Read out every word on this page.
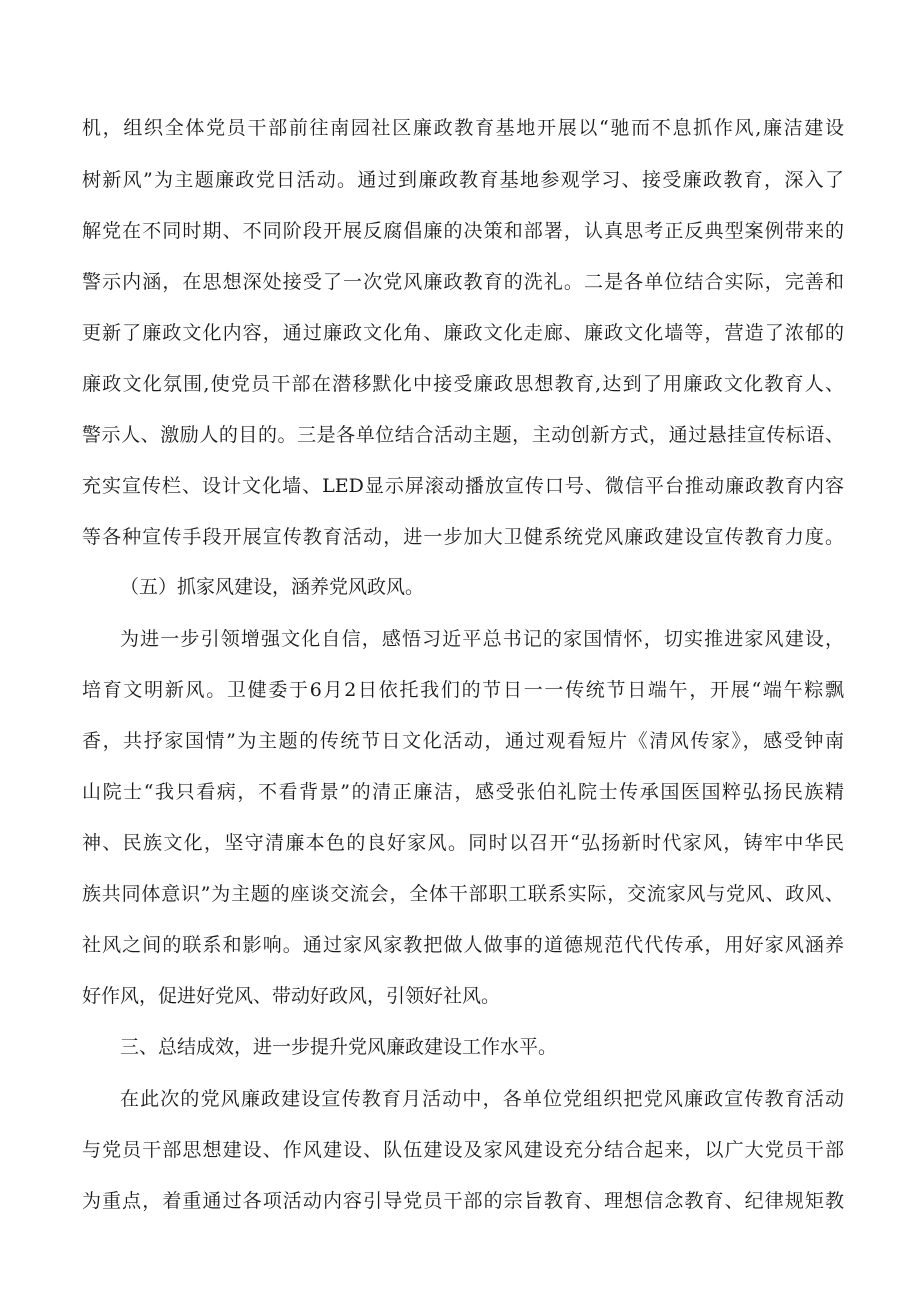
机，组织全体党员干部前往南园社区廉政教育基地开展以“驰而不息抓作风,廉洁建设
树新风”为主题廉政党日活动。通过到廉政教育基地参观学习、接受廉政教育，深入了
解党在不同时期、不同阶段开展反腐倡廉的决策和部署，认真思考正反典型案例带来的
警示内涵，在思想深处接受了一次党风廉政教育的洗礼。二是各单位结合实际，完善和
更新了廉政文化内容，通过廉政文化角、廉政文化走廊、廉政文化墙等，营造了浓郁的
廉政文化氛围,使党员干部在潜移默化中接受廉政思想教育,达到了用廉政文化教育人、
警示人、激励人的目的。三是各单位结合活动主题，主动创新方式，通过悬挂宣传标语、
充实宣传栏、设计文化墙、LED显示屏滚动播放宣传口号、微信平台推动廉政教育内容
等各种宣传手段开展宣传教育活动，进一步加大卫健系统党风廉政建设宣传教育力度。
（五）抓家风建设，涵养党风政风。
为进一步引领增强文化自信，感悟习近平总书记的家国情怀，切实推进家风建设，
培育文明新风。卫健委于6月2日依托我们的节日一一传统节日端午，开展“端午粽飘
香，共抒家国情”为主题的传统节日文化活动，通过观看短片《清风传家》，感受钟南
山院士“我只看病，不看背景”的清正廉洁，感受张伯礼院士传承国医国粹弘扬民族精
神、民族文化，坚守清廉本色的良好家风。同时以召开“弘扬新时代家风，铸牢中华民
族共同体意识”为主题的座谈交流会，全体干部职工联系实际，交流家风与党风、政风、
社风之间的联系和影响。通过家风家教把做人做事的道德规范代代传承，用好家风涵养
好作风，促进好党风、带动好政风，引领好社风。
三、总结成效，进一步提升党风廉政建设工作水平。
在此次的党风廉政建设宣传教育月活动中，各单位党组织把党风廉政宣传教育活动
与党员干部思想建设、作风建设、队伍建设及家风建设充分结合起来，以广大党员干部
为重点，着重通过各项活动内容引导党员干部的宗旨教育、理想信念教育、纪律规矩教
